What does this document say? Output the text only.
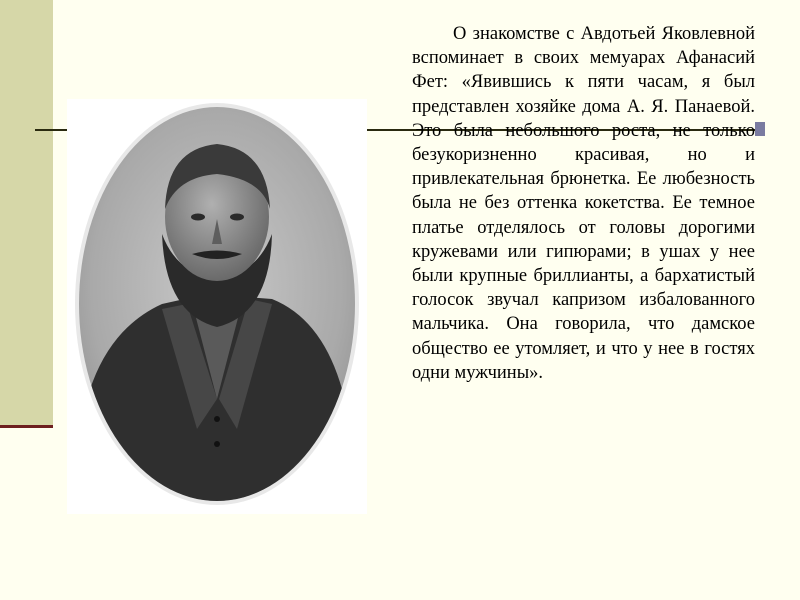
О знакомстве с Авдотьей Яковлевной вспоминает в своих мемуарах Афанасий Фет: «Явившись к пяти часам, я был представлен хозяйке дома А. Я. Панаевой. Это была небольшого роста, не только безукоризненно красивая, но и привлекательная брюнетка. Ее любезность была не без оттенка кокетства. Ее темное платье отделялось от головы дорогими кружевами или гипюрами; в ушах у нее были крупные бриллианты, а бархатистый голосок звучал капризом избалованного мальчика. Она говорила, что дамское общество ее утомляет, и что у нее в гостях одни мужчины».
